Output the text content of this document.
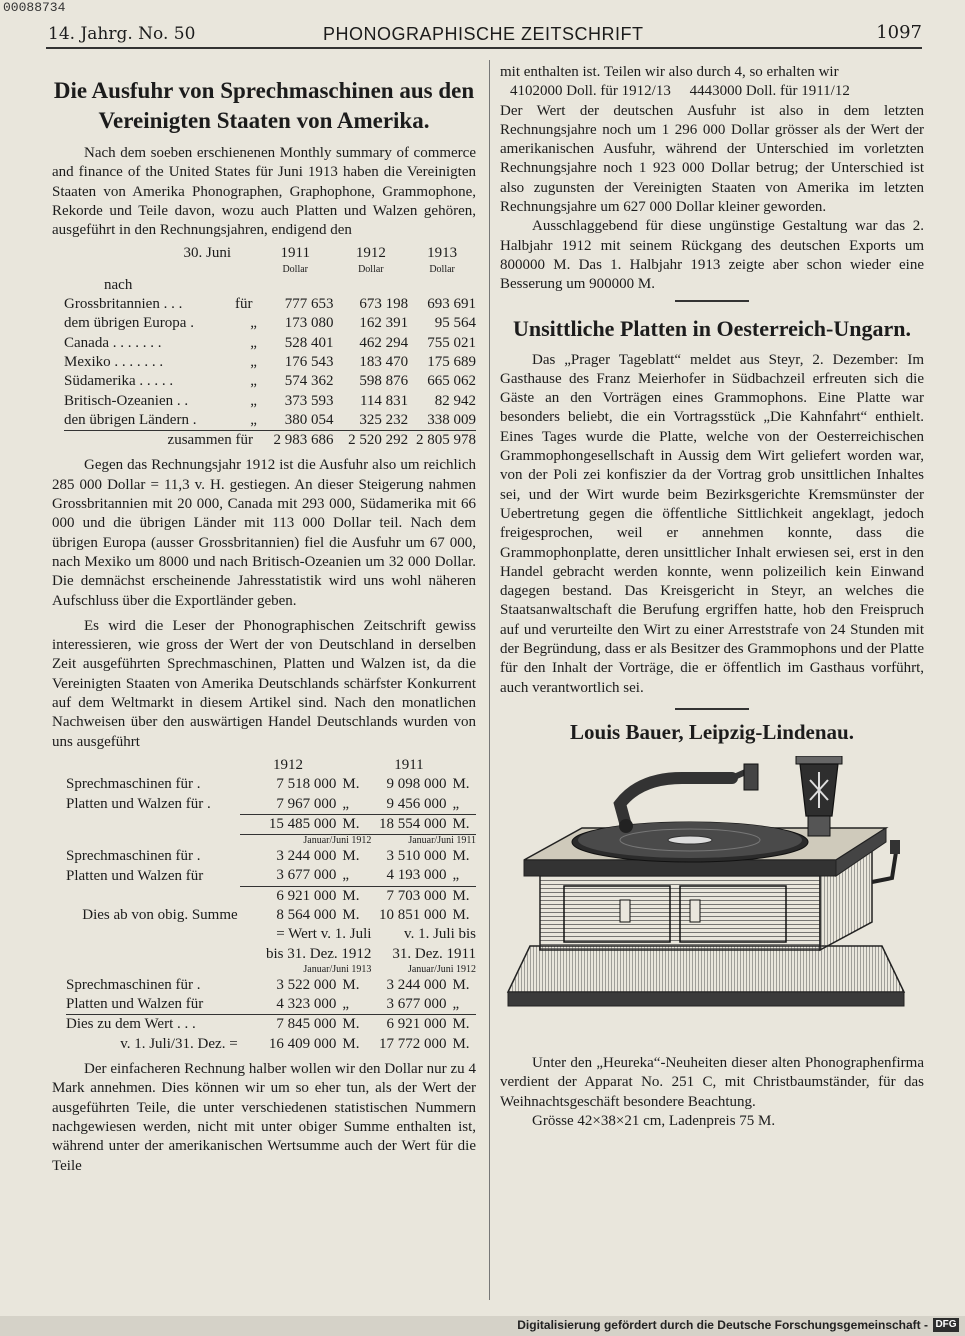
00088734
14. Jahrg. No. 50	PHONOGRAPHISCHE ZEITSCHRIFT	1097
Die Ausfuhr von Sprechmaschinen aus den Vereinigten Staaten von Amerika.

Nach dem soeben erschienenen Monthly summary of commerce and finance of the United States für Juni 1913 haben die Vereinigten Staaten von Amerika Phonographen, Graphophone, Grammophone, Rekorde und Teile davon, wozu auch Platten und Walzen gehören, ausgeführt in den Rechnungsjahren, endigend den

30. Juni		1911	1912	1913
		Dollar	Dollar	Dollar
nach				
Grossbritannien . . .	für	777 653	673 198	693 691
dem übrigen Europa .	„	173 080	162 391	95 564
Canada . . . . . . .	„	528 401	462 294	755 021
Mexiko . . . . . . .	„	176 543	183 470	175 689
Südamerika . . . . .	„	574 362	598 876	665 062
Britisch-Ozeanien . .	„	373 593	114 831	82 942
den übrigen Ländern .	„	380 054	325 232	338 009
zusammen für		2 983 686	2 520 292	2 805 978

Gegen das Rechnungsjahr 1912 ist die Ausfuhr also um reichlich 285 000 Dollar = 11,3 v. H. gestiegen. An dieser Steigerung nahmen Grossbritannien mit 20 000, Canada mit 293 000, Südamerika mit 66 000 und die übrigen Länder mit 113 000 Dollar teil. Nach dem übrigen Europa (ausser Grossbritannien) fiel die Ausfuhr um 67 000, nach Mexiko um 8000 und nach Britisch-Ozeanien um 32 000 Dollar. Die demnächst erscheinende Jahresstatistik wird uns wohl näheren Aufschluss über die Exportländer geben.

Es wird die Leser der Phonographischen Zeitschrift gewiss interessieren, wie gross der Wert der von Deutschland in derselben Zeit ausgeführten Sprechmaschinen, Platten und Walzen ist, da die Vereinigten Staaten von Amerika Deutschlands schärfster Konkurrent auf dem Weltmarkt in diesem Artikel sind. Nach den monatlichen Nachweisen über den auswärtigen Handel Deutschlands wurden von uns ausgeführt

	1912		1911	
Sprechmaschinen für .	7 518 000	M.	9 098 000	M.
Platten und Walzen für .	7 967 000	„	9 456 000	„
	15 485 000	M.	18 554 000	M.
	Januar/Juni 1912		Januar/Juni 1911	
Sprechmaschinen für .	3 244 000	M.	3 510 000	M.
Platten und Walzen für	3 677 000	„	4 193 000	„
	6 921 000	M.	7 703 000	M.
Dies ab von obig. Summe	8 564 000	M.	10 851 000	M.
	= Wert v. 1. Juli		v. 1. Juli bis	
	bis 31. Dez. 1912		31. Dez. 1911	
	Januar/Juni 1913		Januar/Juni 1912	
Sprechmaschinen für .	3 522 000	M.	3 244 000	M.
Platten und Walzen für	4 323 000	„	3 677 000	„
Dies zu dem Wert . . .	7 845 000	M.	6 921 000	M.
v. 1. Juli/31. Dez. =	16 409 000	M.	17 772 000	M.

Der einfacheren Rechnung halber wollen wir den Dollar nur zu 4 Mark annehmen. Dies können wir um so eher tun, als der Wert der ausgeführten Teile, die unter verschiedenen statistischen Nummern nachgewiesen werden, nicht mit unter obiger Summe enthalten ist, während unter der amerikanischen Wertsumme auch der Wert für die Teile

mit enthalten ist. Teilen wir also durch 4, so erhalten wir

4102000 Doll. für 1912/13     4443000 Doll. für 1911/12

Der Wert der deutschen Ausfuhr ist also in dem letzten Rechnungsjahre noch um 1 296 000 Dollar grösser als der Wert der amerikanischen Ausfuhr, während der Unterschied im vorletzten Rechnungsjahre noch 1 923 000 Dollar betrug; der Unterschied ist also zugunsten der Vereinigten Staaten von Amerika im letzten Rechnungsjahre um 627 000 Dollar kleiner geworden.

Ausschlaggebend für diese ungünstige Gestaltung war das 2. Halbjahr 1912 mit seinem Rückgang des deutschen Exports um 800000 M. Das 1. Halbjahr 1913 zeigte aber schon wieder eine Besserung um 900000 M.

Unsittliche Platten in Oesterreich-Ungarn.

Das „Prager Tageblatt“ meldet aus Steyr, 2. Dezember: Im Gasthause des Franz Meierhofer in Südbachzeil erfreuten sich die Gäste an den Vorträgen eines Grammophons. Eine Platte war besonders beliebt, die ein Vortragsstück „Die Kahnfahrt“ enthielt. Eines Tages wurde die Platte, welche von der Oesterreichischen Grammophongesellschaft in Aussig dem Wirt geliefert worden war, von der Poli zei konfiszier da der Vortrag grob unsittlichen Inhaltes sei, und der Wirt wurde beim Bezirksgerichte Kremsmünster der Uebertretung gegen die öffentliche Sittlichkeit angeklagt, jedoch freigesprochen, weil er annehmen konnte, dass die Grammophonplatte, deren unsittlicher Inhalt erwiesen sei, erst in den Handel gebracht werden konnte, wenn polizeilich kein Einwand dagegen bestand. Das Kreisgericht in Steyr, an welches die Staatsanwaltschaft die Berufung ergriffen hatte, hob den Freispruch auf und verurteilte den Wirt zu einer Arreststrafe von 24 Stunden mit der Begründung, dass er als Besitzer des Grammophons und der Platte für den Inhalt der Vorträge, die er öffentlich im Gasthaus vorführt, auch verantwortlich sei.

Louis Bauer, Leipzig-Lindenau.

Unter den „Heureka“-Neuheiten dieser alten Phonographenfirma verdient der Apparat No. 251 C, mit Christbaumständer, für das Weihnachtsgeschäft besondere Beachtung.

Grösse 42×38×21 cm, Ladenpreis 75 M.

Digitalisierung gefördert durch die Deutsche Forschungsgemeinschaft - DFG
